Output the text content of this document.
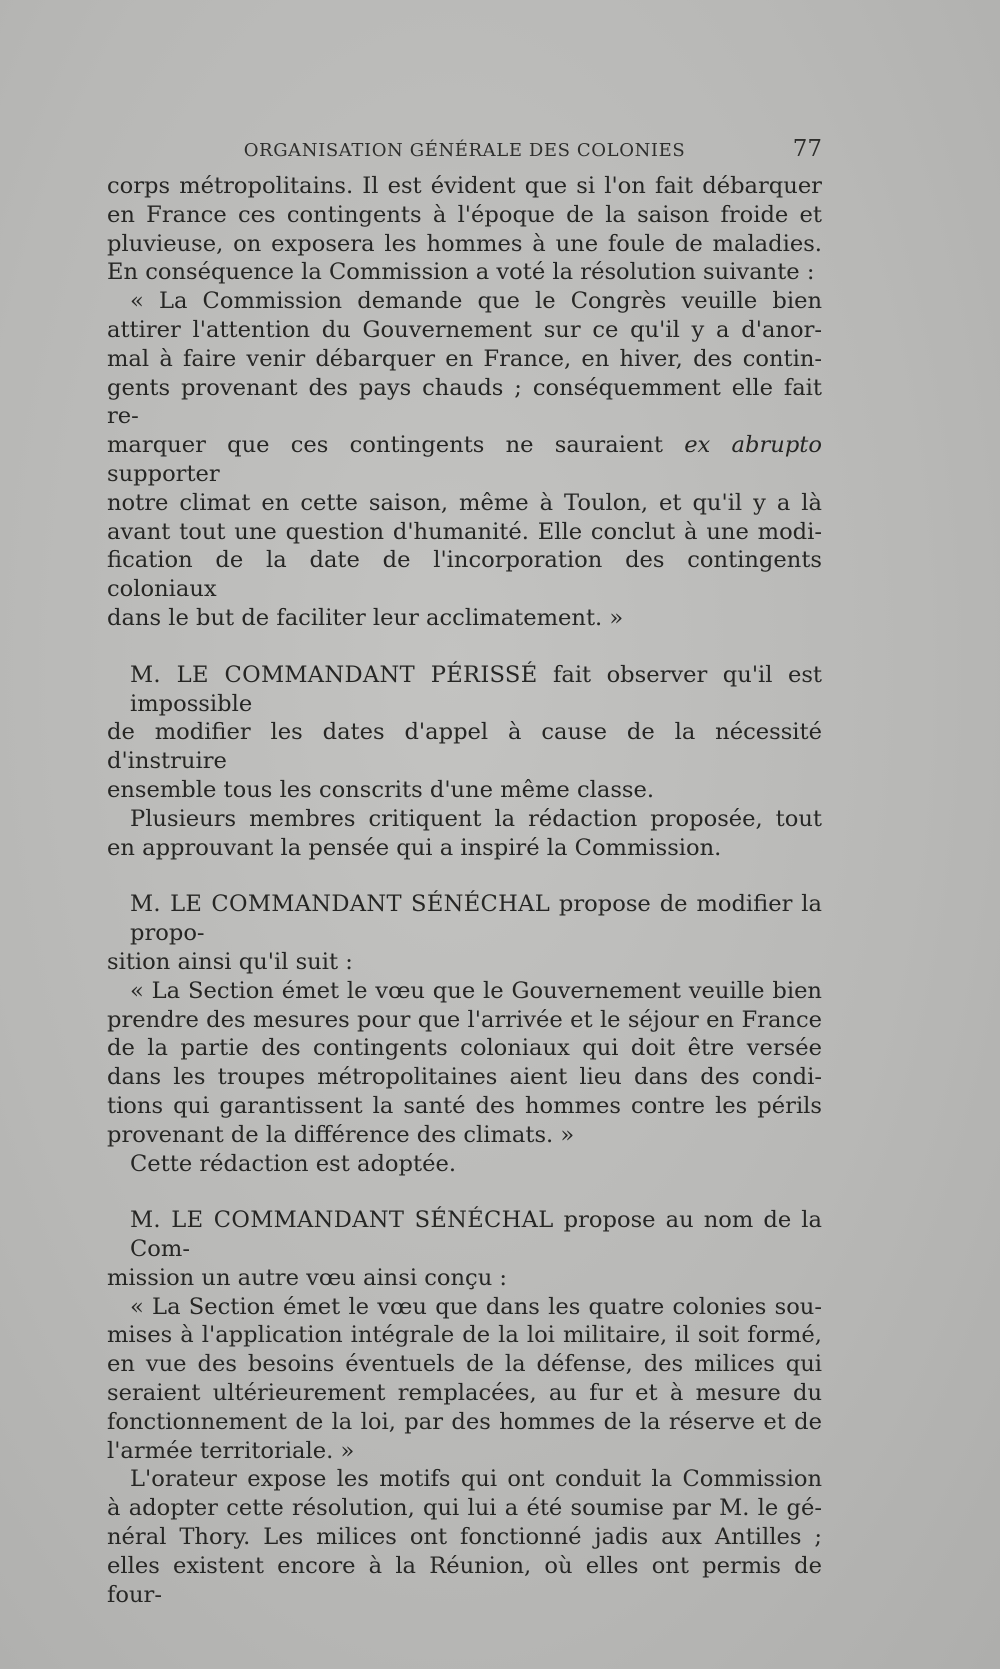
ORGANISATION GÉNÉRALE DES COLONIES	77

corps métropolitains. Il est évident que si l'on fait débarquer
en France ces contingents à l'époque de la saison froide et
pluvieuse, on exposera les hommes à une foule de maladies.
En conséquence la Commission a voté la résolution suivante :

« La Commission demande que le Congrès veuille bien
attirer l'attention du Gouvernement sur ce qu'il y a d'anor-
mal à faire venir débarquer en France, en hiver, des contin-
gents provenant des pays chauds ; conséquemment elle fait re-
marquer que ces contingents ne sauraient ex abrupto supporter
notre climat en cette saison, même à Toulon, et qu'il y a là
avant tout une question d'humanité. Elle conclut à une modi-
fication de la date de l'incorporation des contingents coloniaux
dans le but de faciliter leur acclimatement. »

M. LE COMMANDANT PÉRISSÉ fait observer qu'il est impossible
de modifier les dates d'appel à cause de la nécessité d'instruire
ensemble tous les conscrits d'une même classe.

Plusieurs membres critiquent la rédaction proposée, tout
en approuvant la pensée qui a inspiré la Commission.

M. LE COMMANDANT SÉNÉCHAL propose de modifier la propo-
sition ainsi qu'il suit :

« La Section émet le vœu que le Gouvernement veuille bien
prendre des mesures pour que l'arrivée et le séjour en France
de la partie des contingents coloniaux qui doit être versée
dans les troupes métropolitaines aient lieu dans des condi-
tions qui garantissent la santé des hommes contre les périls
provenant de la différence des climats. »

Cette rédaction est adoptée.

M. LE COMMANDANT SÉNÉCHAL propose au nom de la Com-
mission un autre vœu ainsi conçu :

« La Section émet le vœu que dans les quatre colonies sou-
mises à l'application intégrale de la loi militaire, il soit formé,
en vue des besoins éventuels de la défense, des milices qui
seraient ultérieurement remplacées, au fur et à mesure du
fonctionnement de la loi, par des hommes de la réserve et de
l'armée territoriale. »

L'orateur expose les motifs qui ont conduit la Commission
à adopter cette résolution, qui lui a été soumise par M. le gé-
néral Thory. Les milices ont fonctionné jadis aux Antilles ;
elles existent encore à la Réunion, où elles ont permis de four-
